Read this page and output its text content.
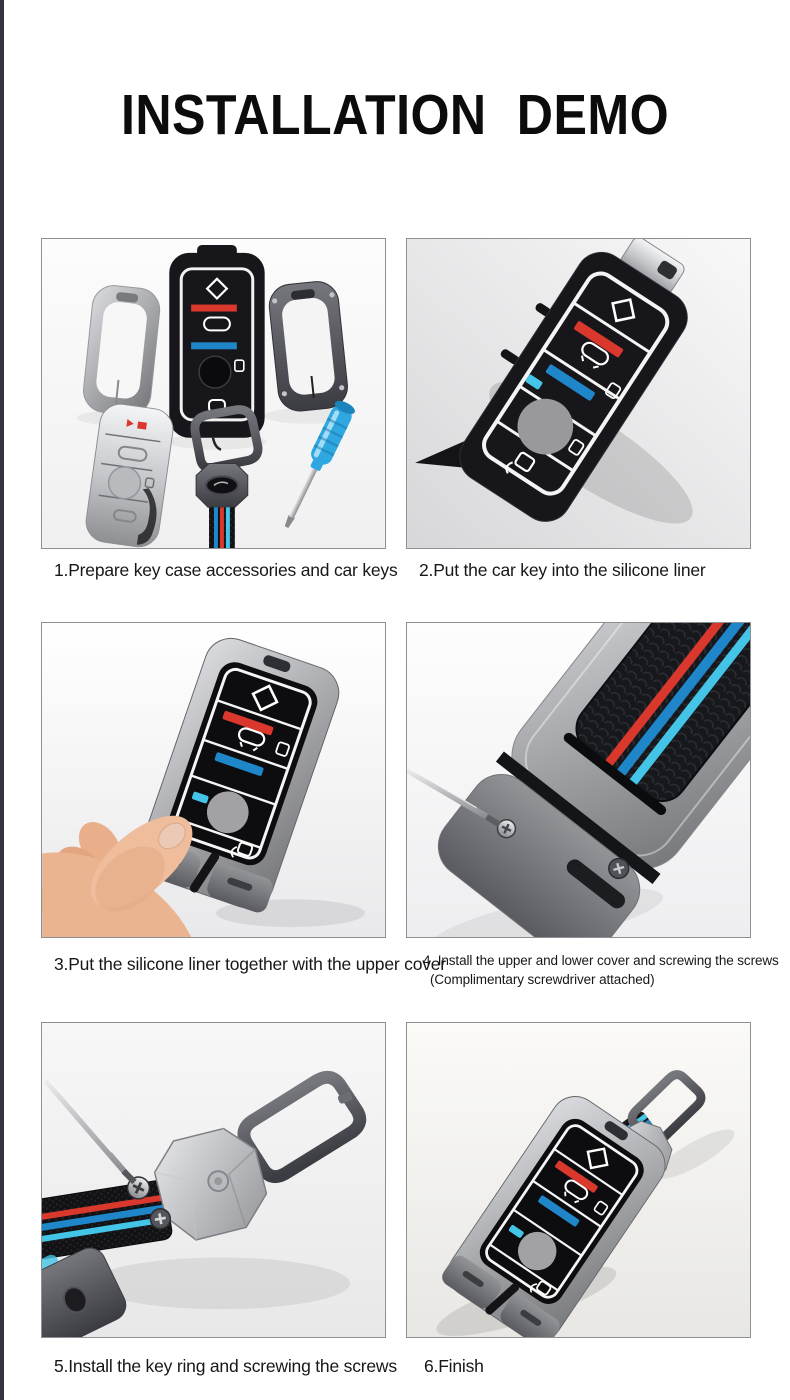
INSTALLATION DEMO

1.Prepare key case accessories and car keys 2.Put the car key into the silicone liner

3.Put the silicone liner together with the upper cover

4. Install the upper and lower cover and screwing the screws
(Complimentary screwdriver attached)

5.Install the key ring and screwing the screws 6.Finish
